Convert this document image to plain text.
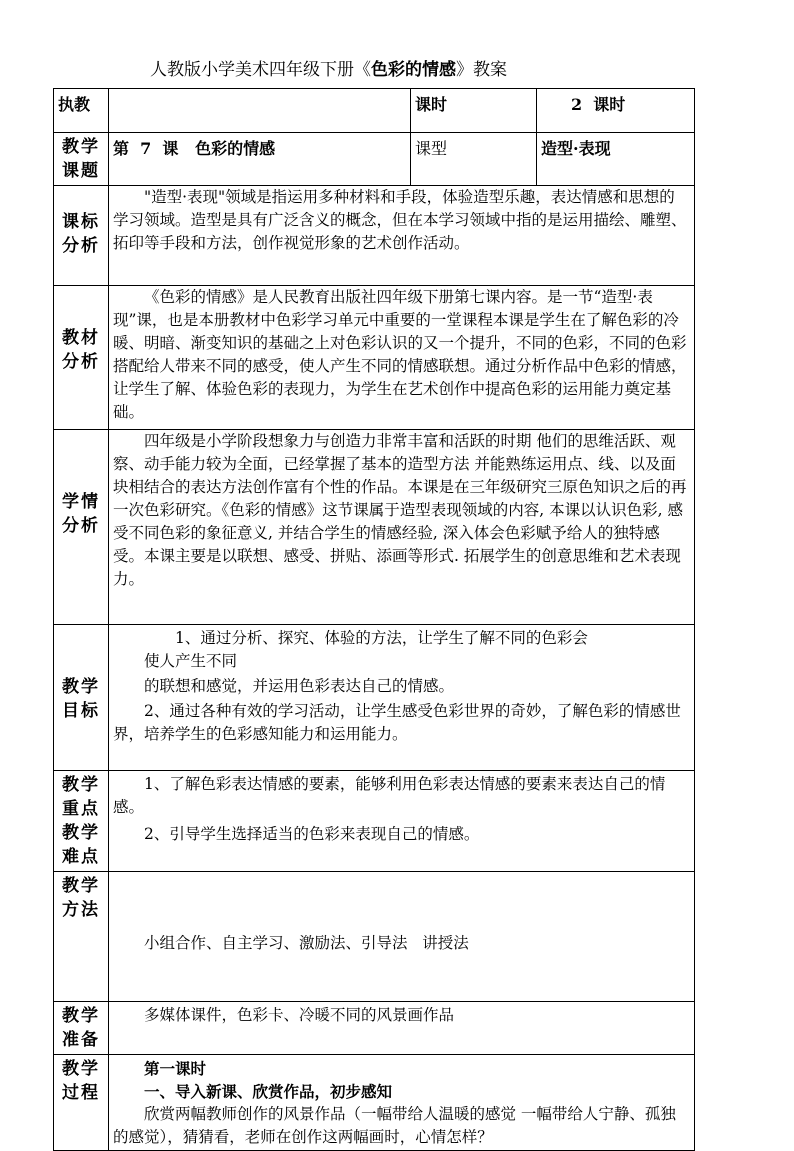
人教版小学美术四年级下册《色彩的情感》教案
执教		课时	2  课时
教学课题	第  7  课   色彩的情感	课型	造型·表现
课标分析	"造型·表现"领域是指运用多种材料和手段，体验造型乐趣，表达情感和思想的学习领域。造型是具有广泛含义的概念，但在本学习领域中指的是运用描绘、雕塑、拓印等手段和方法，创作视觉形象的艺术创作活动。		

教材分析	《色彩的情感》是人民教育出版社四年级下册第七课内容。是一节“造型·表现”课，也是本册教材中色彩学习单元中重要的一堂课程本课是学生在了解色彩的冷暖、明暗、渐变知识的基础之上对色彩认识的又一个提升，不同的色彩，不同的色彩搭配给人带来不同的感受，使人产生不同的情感联想。通过分析作品中色彩的情感，让学生了解、体验色彩的表现力，为学生在艺术创作中提高色彩的运用能力奠定基础。		

学情分析	四年级是小学阶段想象力与创造力非常丰富和活跃的时期 他们的思维活跃、观察、动手能力较为全面，已经掌握了基本的造型方法 并能熟练运用点、线、以及面块相结合的表达方法创作富有个性的作品。本课是在三年级研究三原色知识之后的再一次色彩研究。《色彩的情感》这节课属于造型表现领域的内容, 本课以认识色彩, 感受不同色彩的象征意义, 并结合学生的情感经验, 深入体会色彩赋予给人的独特感受。本课主要是以联想、感受、拼贴、添画等形式. 拓展学生的创意思维和艺术表现力。		

教学目标	1、通过分析、探究、体验的方法，让学生了解不同的色彩会

使人产生不同

的联想和感觉，并运用色彩表达自己的情感。

2、通过各种有效的学习活动，让学生感受色彩世界的奇妙，了解色彩的情感世界，培养学生的色彩感知能力和运用能力。		

教学重点教学难点	1、了解色彩表达情感的要素，能够利用色彩表达情感的要素来表达自己的情感。

2、引导学生选择适当的色彩来表现自己的情感。		

教学方法	小组合作、自主学习、激励法、引导法   讲授法		

教学准备	多媒体课件，色彩卡、冷暖不同的风景画作品		

教学过程	第一课时

一、导入新课、欣赏作品，初步感知

欣赏两幅教师创作的风景作品（一幅带给人温暖的感觉 一幅带给人宁静、孤独的感觉），猜猜看，老师在创作这两幅画时，心情怎样？		
